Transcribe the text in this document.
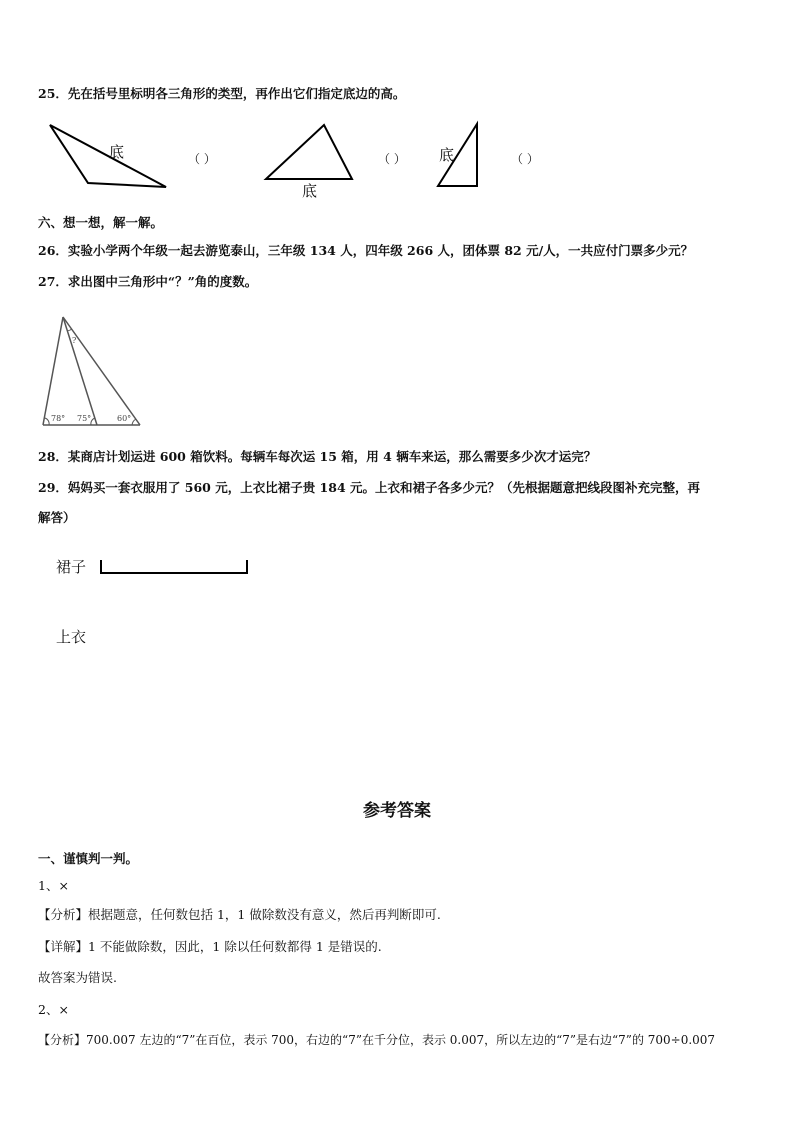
25．先在括号里标明各三角形的类型，再作出它们指定底边的高。
底	（ ）
底
（ ） 底	（ ）
六、想一想，解一解。
26．实验小学两个年级一起去游览泰山，三年级 134 人，四年级 266 人，团体票 82 元/人，一共应付门票多少元？
27．求出图中三角形中“？”角的度数。
?
78° 75°	60°
28．某商店计划运进 600 箱饮料。每辆车每次运 15 箱，用 4 辆车来运，那么需要多少次才运完？
29．妈妈买一套衣服用了 560 元，上衣比裙子贵 184 元。上衣和裙子各多少元？（先根据题意把线段图补充完整，再
解答）
裙子
上衣
参考答案
一、谨慎判一判。
1、×
【分析】根据题意，任何数包括 1，1 做除数没有意义，然后再判断即可.
【详解】1 不能做除数，因此，1 除以任何数都得 1 是错误的.
故答案为错误.
2、×
【分析】700.007 左边的“7”在百位，表示 700，右边的“7”在千分位，表示 0.007，所以左边的“7”是右边“7”的 700÷0.007
